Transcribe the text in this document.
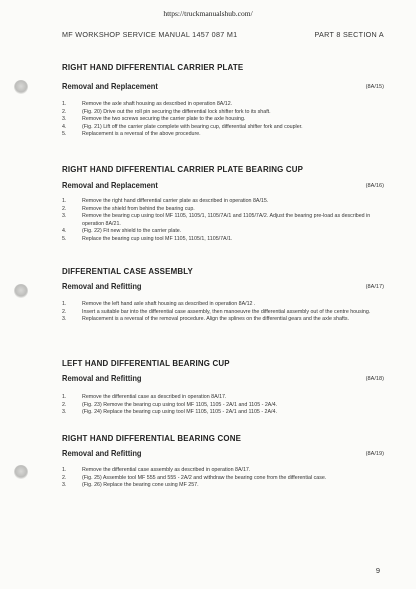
https://truckmanualshub.com/
MF WORKSHOP SERVICE MANUAL 1457 087 M1	PART 8 SECTION A
RIGHT HAND DIFFERENTIAL CARRIER PLATE
Removal and Replacement	(8A/15)
1.	Remove the axle shaft housing as described in operation 8A/12.
2.	(Fig. 20) Drive out the roll pin securing the differential lock shifter fork to its shaft.
3.	Remove the two screws securing the carrier plate to the axle housing.
4.	(Fig. 21) Lift off the carrier plate complete with bearing cup, differential shifter fork and coupler.
5.	Replacement is a reversal of the above procedure.
RIGHT HAND DIFFERENTIAL CARRIER PLATE BEARING CUP
Removal and Replacement	(8A/16)
1.	Remove the right hand differential carrier plate as described in operation 8A/15.
2.	Remove the shield from behind the bearing cup.
3.	Remove the bearing cup using tool MF 1105, 1105/1, 1105/7A/1 and 1105/7A/2. Adjust the bearing pre-load as described in operation 8A/21.
4.	(Fig. 22) Fit new shield to the carrier plate.
5.	Replace the bearing cup using tool MF 1105, 1105/1, 1105/7A/1.
DIFFERENTIAL CASE ASSEMBLY
Removal and Refitting	(8A/17)
1.	Remove the left hand axle shaft housing as described in operation 8A/12 .
2.	Insert a suitable bar into the differential case assembly, then manoeuvre the differential assembly out of the centre housing.
3.	Replacement is a reversal of the removal procedure. Align the splines on the differential gears and the axle shafts.
LEFT HAND DIFFERENTIAL BEARING CUP
Removal and Refitting	(8A/18)
1.	Remove the differential case as described in operation 8A/17.
2.	(Fig. 23) Remove the bearing cup using tool MF 1105, 1105 - 2A/1 and 1105 - 2A/4.
3.	(Fig. 24) Replace the bearing cup using tool MF 1105, 1105 - 2A/1 and 1105 - 2A/4.
RIGHT HAND DIFFERENTIAL BEARING CONE
Removal and Refitting	(8A/19)
1.	Remove the differential case assembly as described in operation 8A/17.
2.	(Fig. 25) Assemble tool MF 555 and 555 - 2A/2 and withdraw the bearing cone from the differential case.
3.	(Fig. 26) Replace the bearing cone using MF 257.
9
